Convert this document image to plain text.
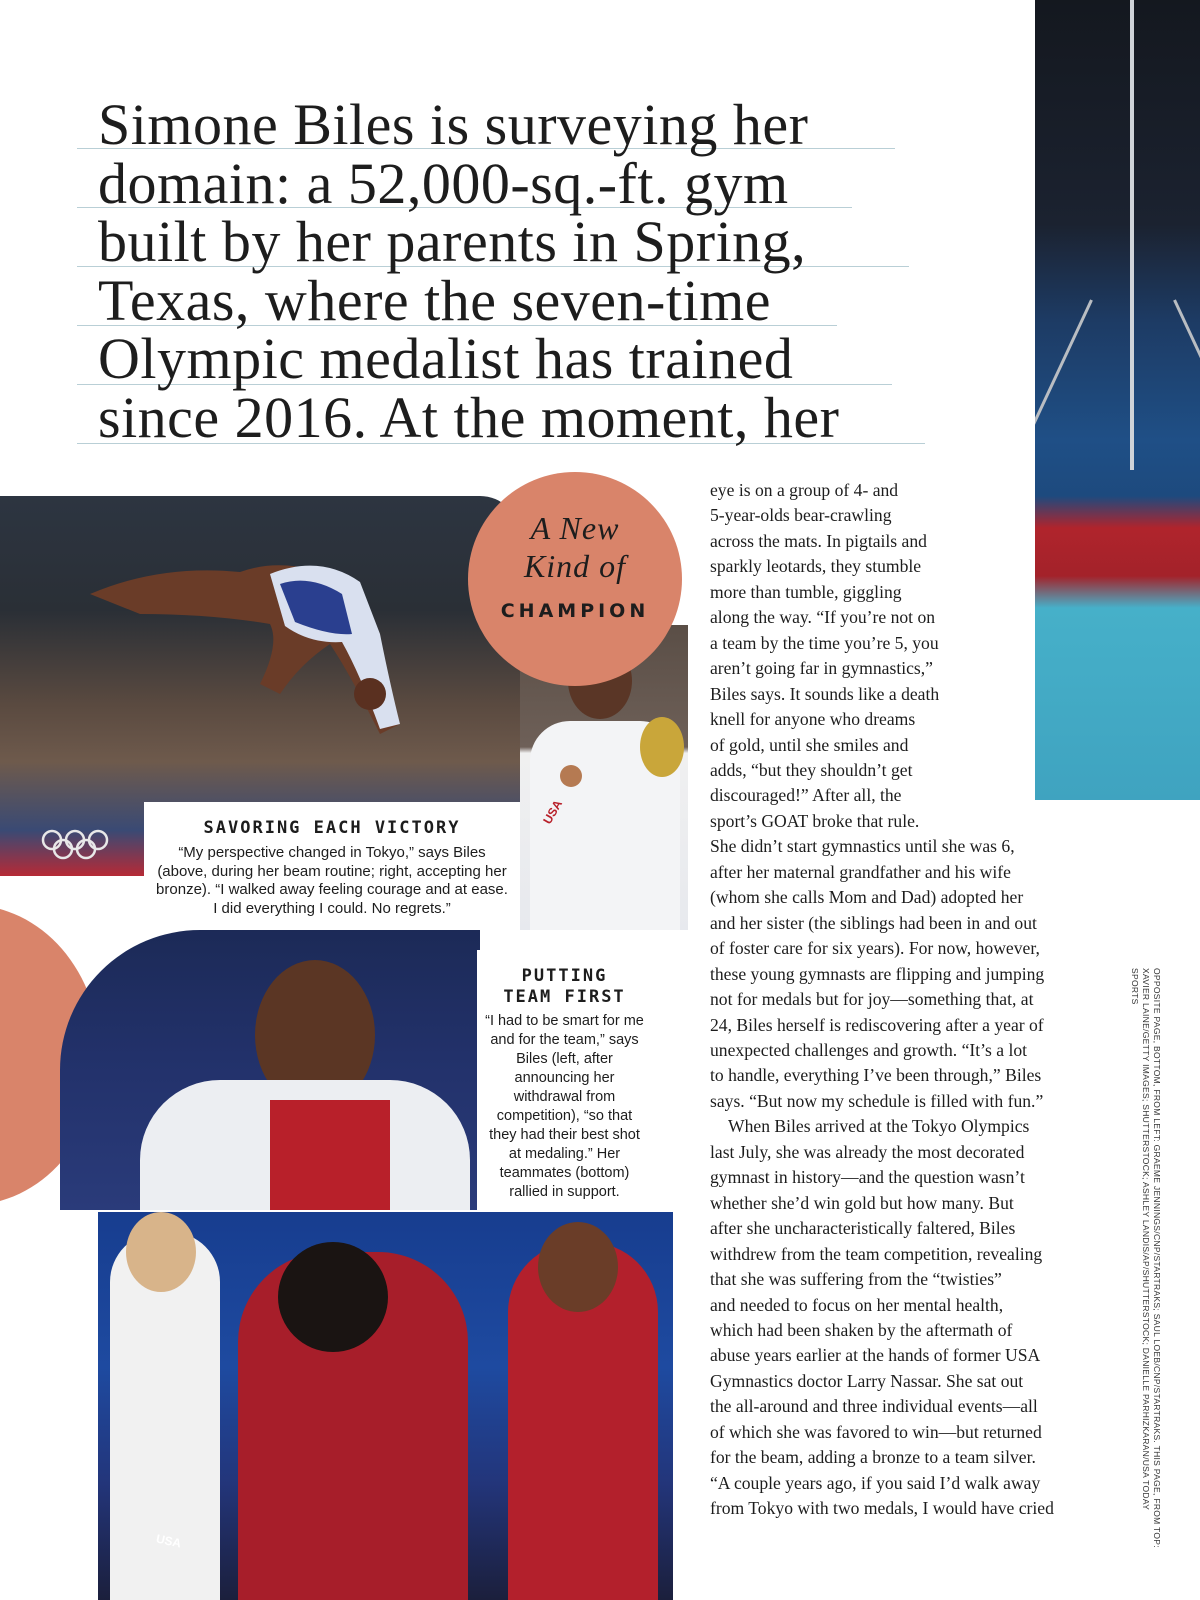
Simone Biles is surveying her
domain: a 52,000-sq.-ft. gym
built by her parents in Spring,
Texas, where the seven-time
Olympic medalist has trained
since 2016. At the moment, her
USA
A New
Kind of
CHAMPION
SAVORING EACH VICTORY
“My perspective changed in Tokyo,” says Biles (above, during her beam routine; right, accepting her bronze). “I walked away feeling courage and at ease. I did everything I could. No regrets.”
PUTTING
TEAM FIRST
“I had to be smart for me and for the team,” says Biles (left, after announcing her withdrawal from competition), “so that they had their best shot at medaling.” Her teammates (bottom) rallied in support.
USA
eye is on a group of 4- and
5-year-olds bear-crawling
across the mats. In pigtails and
sparkly leotards, they stumble
more than tumble, giggling
along the way. “If you’re not on
a team by the time you’re 5, you
aren’t going far in gymnastics,”
Biles says. It sounds like a death
knell for anyone who dreams
of gold, until she smiles and
adds, “but they shouldn’t get
discouraged!” After all, the
sport’s GOAT broke that rule.
She didn’t start gymnastics until she was 6,
after her maternal grandfather and his wife
(whom she calls Mom and Dad) adopted her
and her sister (the siblings had been in and out
of foster care for six years). For now, however,
these young gymnasts are flipping and jumping
not for medals but for joy—something that, at
24, Biles herself is rediscovering after a year of
unexpected challenges and growth. “It’s a lot
to handle, everything I’ve been through,” Biles
says. “But now my schedule is filled with fun.”
When Biles arrived at the Tokyo Olympics
last July, she was already the most decorated
gymnast in history—and the question wasn’t
whether she’d win gold but how many. But
after she uncharacteristically faltered, Biles
withdrew from the team competition, revealing
that she was suffering from the “twisties”
and needed to focus on her mental health,
which had been shaken by the aftermath of
abuse years earlier at the hands of former USA
Gymnastics doctor Larry Nassar. She sat out
the all-around and three individual events—all
of which she was favored to win—but returned
for the beam, adding a bronze to a team silver.
“A couple years ago, if you said I’d walk away
from Tokyo with two medals, I would have cried	OPPOSITE PAGE, BOTTOM, FROM LEFT: GRAEME JENNINGS/CNP/STARTRAKS; SAUL LOEB/CNP/STARTRAKS. THIS PAGE, FROM TOP:
XAVIER LAINE/GETTY IMAGES; SHUTTERSTOCK; ASHLEY LANDIS/AP/SHUTTERSTOCK; DANIELLE PARHIZKARAN/USA TODAY SPORTS
